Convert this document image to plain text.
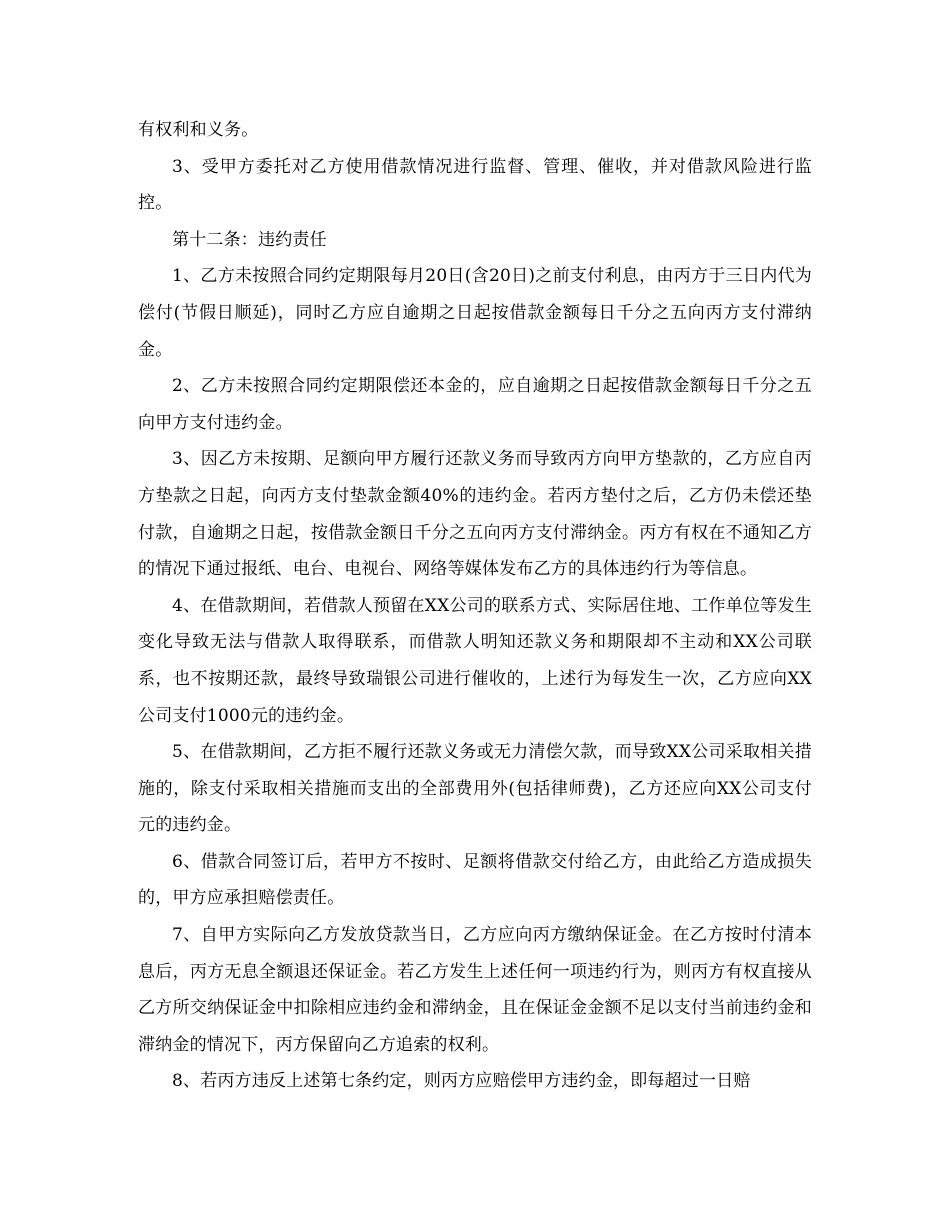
有权利和义务。

3、受甲方委托对乙方使用借款情况进行监督、管理、催收，并对借款风险进行监控。

第十二条：违约责任

1、乙方未按照合同约定期限每月20日(含20日)之前支付利息，由丙方于三日内代为偿付(节假日顺延)，同时乙方应自逾期之日起按借款金额每日千分之五向丙方支付滞纳金。

2、乙方未按照合同约定期限偿还本金的，应自逾期之日起按借款金额每日千分之五向甲方支付违约金。

3、因乙方未按期、足额向甲方履行还款义务而导致丙方向甲方垫款的，乙方应自丙方垫款之日起，向丙方支付垫款金额40%的违约金。若丙方垫付之后，乙方仍未偿还垫付款，自逾期之日起，按借款金额日千分之五向丙方支付滞纳金。丙方有权在不通知乙方的情况下通过报纸、电台、电视台、网络等媒体发布乙方的具体违约行为等信息。

4、在借款期间，若借款人预留在XX公司的联系方式、实际居住地、工作单位等发生变化导致无法与借款人取得联系，而借款人明知还款义务和期限却不主动和XX公司联系，也不按期还款，最终导致瑞银公司进行催收的，上述行为每发生一次，乙方应向XX公司支付1000元的违约金。

5、在借款期间，乙方拒不履行还款义务或无力清偿欠款，而导致XX公司采取相关措施的，除支付采取相关措施而支出的全部费用外(包括律师费)，乙方还应向XX公司支付 元的违约金。

6、借款合同签订后，若甲方不按时、足额将借款交付给乙方，由此给乙方造成损失的，甲方应承担赔偿责任。

7、自甲方实际向乙方发放贷款当日，乙方应向丙方缴纳保证金。在乙方按时付清本息后，丙方无息全额退还保证金。若乙方发生上述任何一项违约行为，则丙方有权直接从乙方所交纳保证金中扣除相应违约金和滞纳金，且在保证金金额不足以支付当前违约金和滞纳金的情况下，丙方保留向乙方追索的权利。

8、若丙方违反上述第七条约定，则丙方应赔偿甲方违约金，即每超过一日赔
